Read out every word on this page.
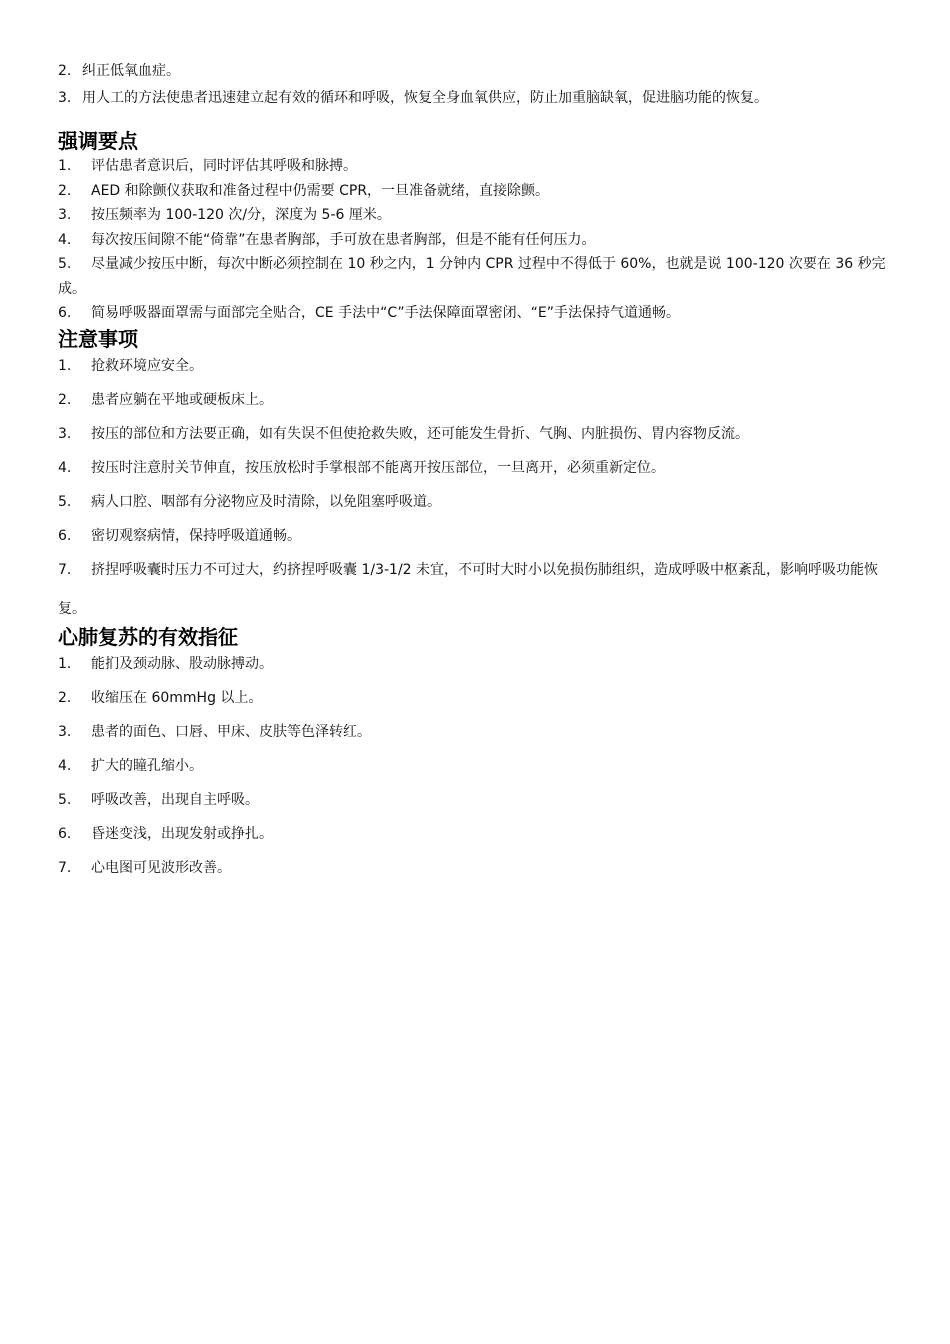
2. 纠正低氧血症。
3. 用人工的方法使患者迅速建立起有效的循环和呼吸，恢复全身血氧供应，防止加重脑缺氧，促进脑功能的恢复。
强调要点
1.	评估患者意识后，同时评估其呼吸和脉搏。
2.	AED 和除颤仪获取和准备过程中仍需要 CPR，一旦准备就绪，直接除颤。
3.	按压频率为 100-120 次/分，深度为 5-6 厘米。
4.	每次按压间隙不能“倚靠”在患者胸部，手可放在患者胸部，但是不能有任何压力。
5. 尽量减少按压中断，每次中断必须控制在 10 秒之内，1 分钟内 CPR 过程中不得低于 60%，也就是说 100-120 次要在 36 秒完成。
6.	简易呼吸器面罩需与面部完全贴合，CE 手法中“C”手法保障面罩密闭、“E”手法保持气道通畅。
注意事项
1.	抢救环境应安全。
2.	患者应躺在平地或硬板床上。
3.	按压的部位和方法要正确，如有失误不但使抢救失败，还可能发生骨折、气胸、内脏损伤、胃内容物反流。
4.	按压时注意肘关节伸直，按压放松时手掌根部不能离开按压部位，一旦离开，必须重新定位。
5.	病人口腔、咽部有分泌物应及时清除，以免阻塞呼吸道。
6.	密切观察病情，保持呼吸道通畅。
7. 挤捏呼吸囊时压力不可过大，约挤捏呼吸囊 1/3-1/2 未宜，不可时大时小以免损伤肺组织，造成呼吸中枢紊乱，影响呼吸功能恢复。
心肺复苏的有效指征
1.	能扪及颈动脉、股动脉搏动。
2.	收缩压在 60mmHg 以上。
3.	患者的面色、口唇、甲床、皮肤等色泽转红。
4.	扩大的瞳孔缩小。
5.	呼吸改善，出现自主呼吸。
6.	昏迷变浅，出现发射或挣扎。
7.	心电图可见波形改善。
